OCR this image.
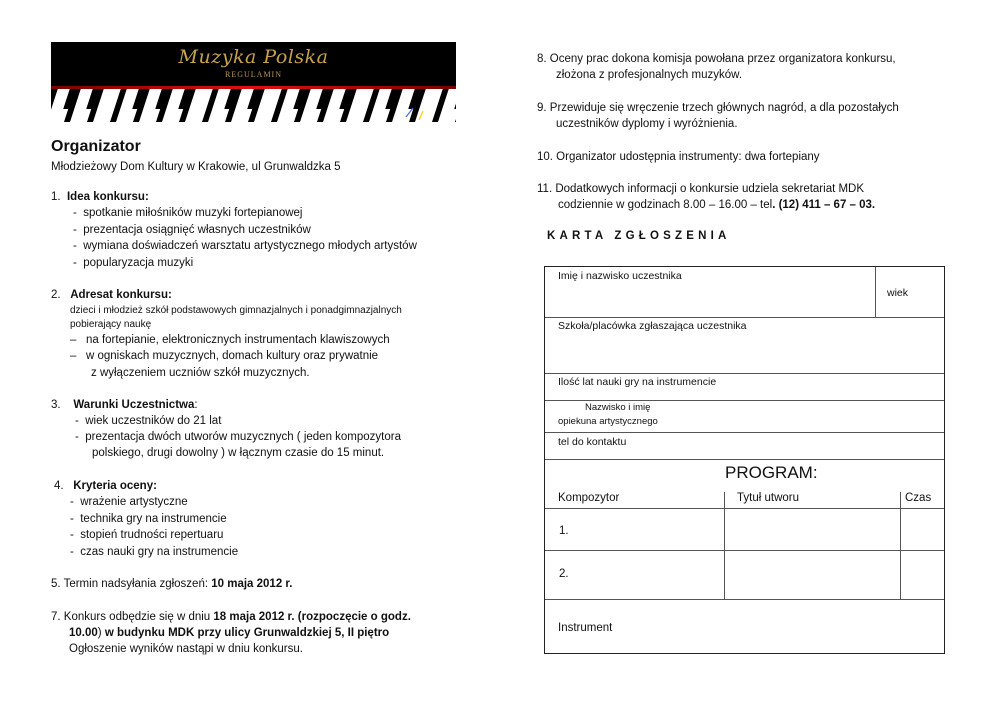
Muzyka Polska
REGULAMIN
Organizator
Młodzieżowy Dom Kultury w Krakowie, ul Grunwaldzka 5
1. Idea konkursu:
-  spotkanie miłośników muzyki fortepianowej
-  prezentacja osiągnięć własnych uczestników
-  wymiana doświadczeń warsztatu artystycznego młodych artystów
-  popularyzacja muzyki
2. Adresat konkursu:
dzieci i młodzież szkół podstawowych gimnazjalnych i ponadgimnazjalnych
pobierający naukę
–   na fortepianie, elektronicznych instrumentach klawiszowych
–   w ogniskach muzycznych, domach kultury oraz prywatnie
z wyłączeniem uczniów szkół muzycznych.
3. Warunki Uczestnictwa:
-  wiek uczestników do 21 lat
-  prezentacja dwóch utworów muzycznych ( jeden kompozytora
polskiego, drugi dowolny ) w łącznym czasie do 15 minut.
4. Kryteria oceny:
-  wrażenie artystyczne
-  technika gry na instrumencie
-  stopień trudności repertuaru
-  czas nauki gry na instrumencie
5. Termin nadsyłania zgłoszeń: 10 maja 2012 r.
7. Konkurs odbędzie się w dniu 18 maja 2012 r. (rozpoczęcie o godz.
10.00) w budynku MDK przy ulicy Grunwaldzkiej 5, II piętro
Ogłoszenie wyników nastąpi w dniu konkursu.
8. Oceny prac dokona komisja powołana przez organizatora konkursu,
złożona z profesjonalnych muzyków.
9. Przewiduje się wręczenie trzech głównych nagród, a dla pozostałych
uczestników dyplomy i wyróżnienia.
10. Organizator udostępnia instrumenty: dwa fortepiany
11. Dodatkowych informacji o konkursie udziela sekretariat MDK
codziennie w godzinach 8.00 – 16.00 – tel. (12) 411 – 67 – 03.
KARTA ZGŁOSZENIA
Imię i nazwisko uczestnika
wiek
Szkoła/placówka zgłaszająca uczestnika
Ilość lat nauki gry na instrumencie
Nazwisko i imię
opiekuna artystycznego
tel do kontaktu
PROGRAM:
Kompozytor	Tytuł utworu	Czas
1.
2.
Instrument
